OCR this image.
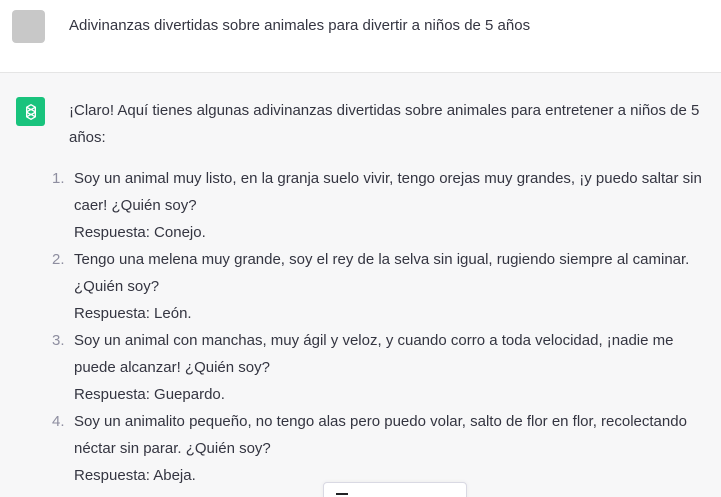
Adivinanzas divertidas sobre animales para divertir a niños de 5 años

¡Claro! Aquí tienes algunas adivinanzas divertidas sobre animales para entretener a niños de 5 años:

1. Soy un animal muy listo, en la granja suelo vivir, tengo orejas muy grandes, ¡y puedo saltar sin caer! ¿Quién soy?
Respuesta: Conejo.
2. Tengo una melena muy grande, soy el rey de la selva sin igual, rugiendo siempre al caminar. ¿Quién soy?
Respuesta: León.
3. Soy un animal con manchas, muy ágil y veloz, y cuando corro a toda velocidad, ¡nadie me puede alcanzar! ¿Quién soy?
Respuesta: Guepardo.
4. Soy un animalito pequeño, no tengo alas pero puedo volar, salto de flor en flor, recolectando néctar sin parar. ¿Quién soy?
Respuesta: Abeja.
